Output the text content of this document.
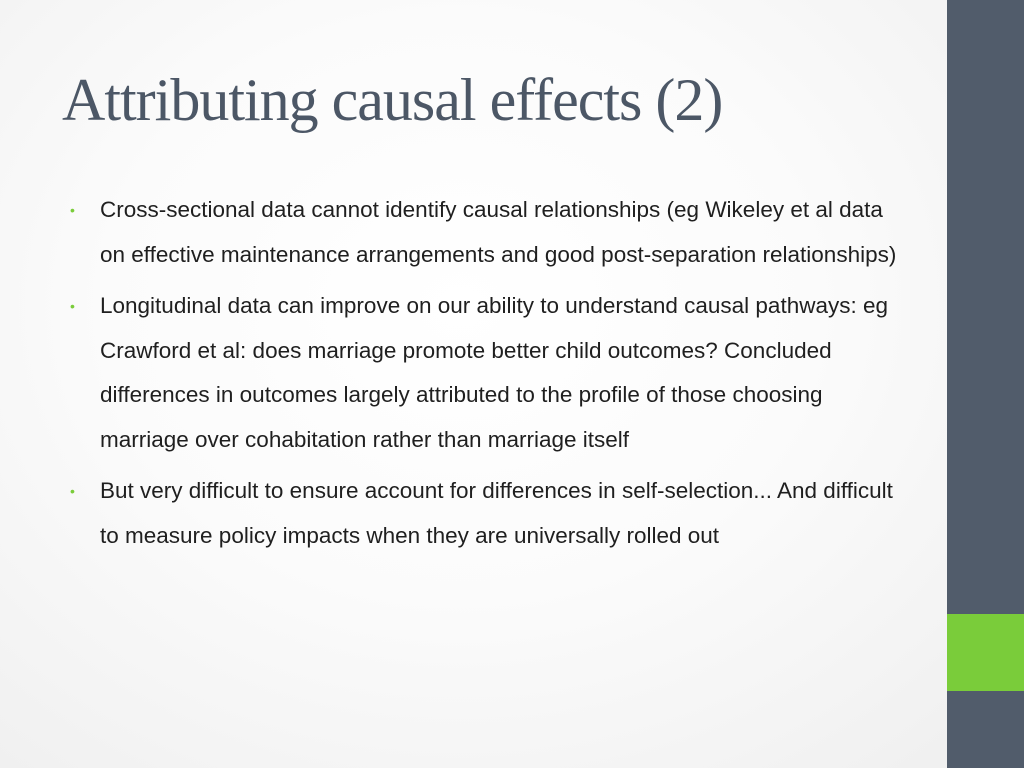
Attributing causal effects (2)
•	Cross-sectional data cannot identify causal relationships (eg Wikeley et al data on effective maintenance arrangements and good post-separation relationships)
•	Longitudinal data can improve on our ability to understand causal pathways: eg Crawford et al: does marriage promote better child outcomes? Concluded differences in outcomes largely attributed to the profile of those choosing marriage over cohabitation rather than marriage itself
•	But very difficult to ensure account for differences in self-selection... And difficult to measure policy impacts when they are universally rolled out
